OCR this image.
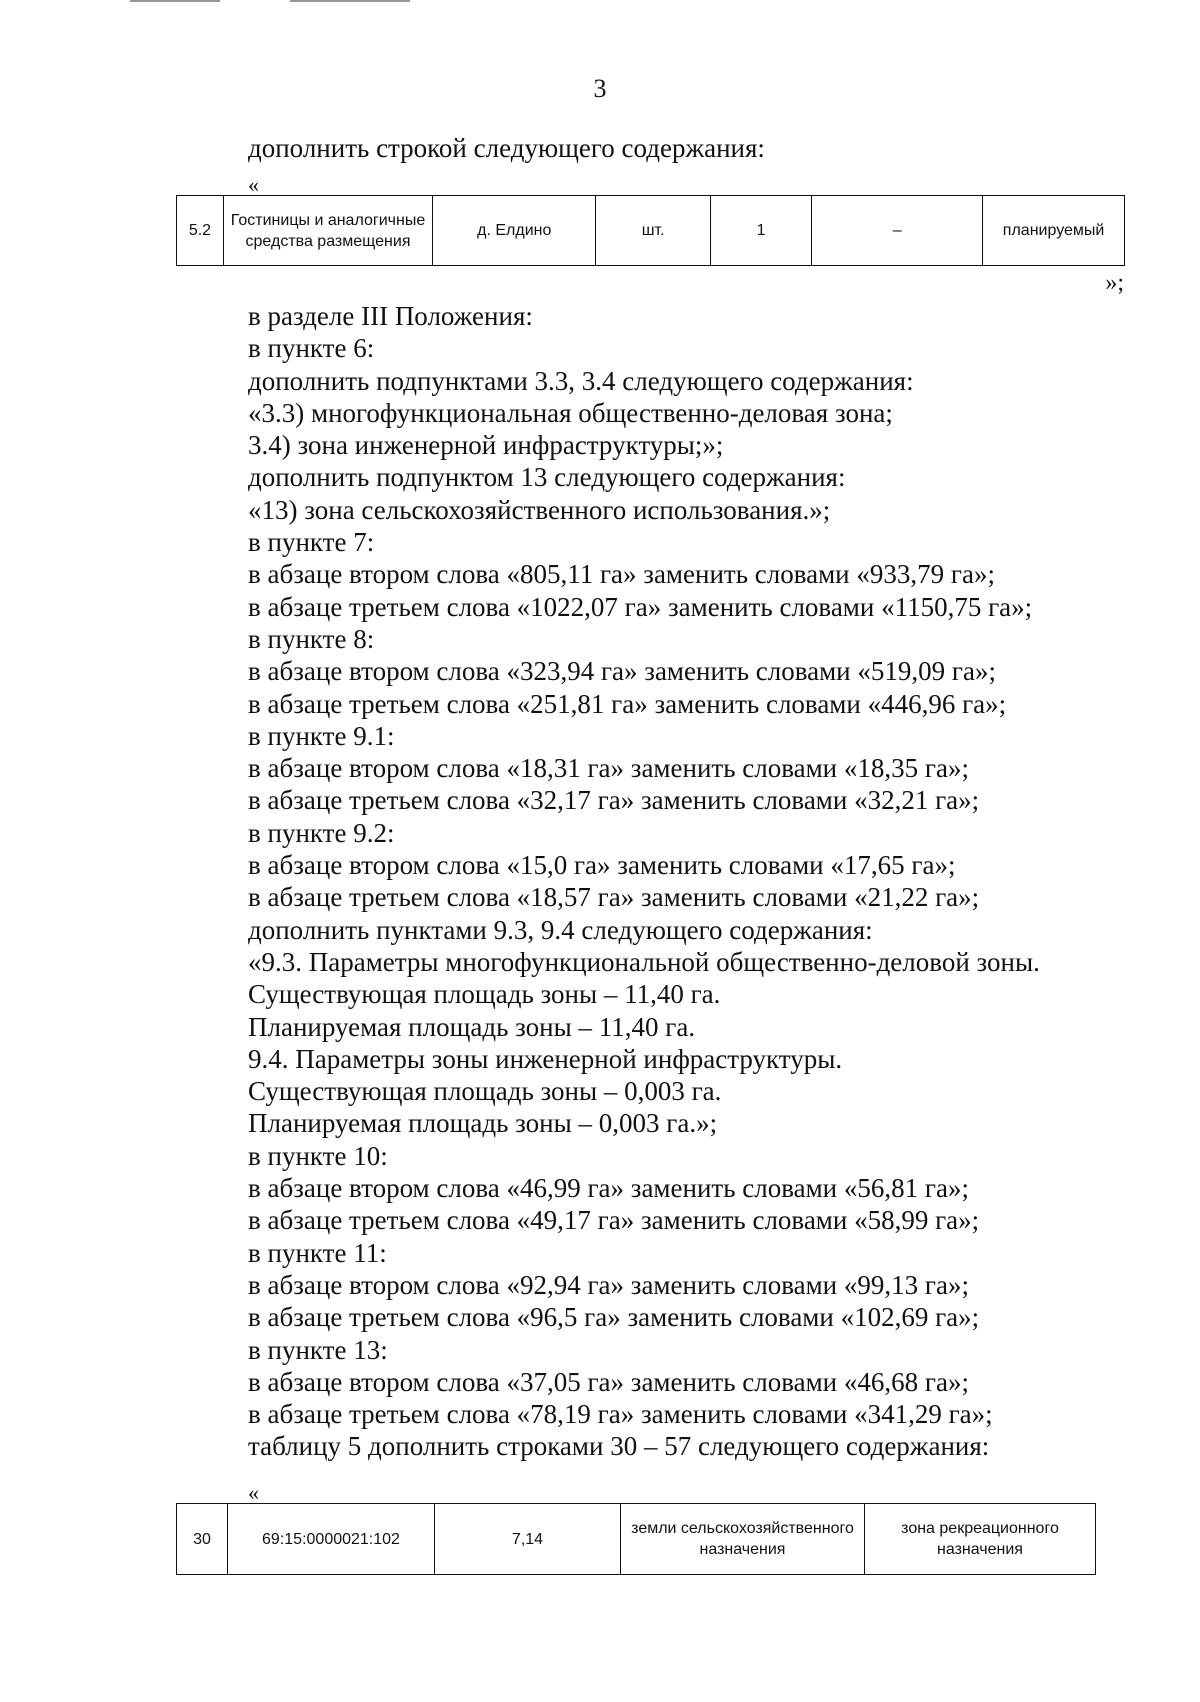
3
дополнить строкой следующего содержания:
«
5.2	Гостиницы и аналогичные средства размещения	д. Елдино	шт.	1	–	планируемый
»;
в разделе III Положения:
в пункте 6:
дополнить подпунктами 3.3, 3.4 следующего содержания:
«3.3) многофункциональная общественно-деловая зона;
3.4) зона инженерной инфраструктуры;»;
дополнить подпунктом 13 следующего содержания:
«13) зона сельскохозяйственного использования.»;
в пункте 7:
в абзаце втором слова «805,11 га» заменить словами «933,79 га»;
в абзаце третьем слова «1022,07 га» заменить словами «1150,75 га»;
в пункте 8:
в абзаце втором слова «323,94 га» заменить словами «519,09 га»;
в абзаце третьем слова «251,81 га» заменить словами «446,96 га»;
в пункте 9.1:
в абзаце втором слова «18,31 га» заменить словами «18,35 га»;
в абзаце третьем слова «32,17 га» заменить словами «32,21 га»;
в пункте 9.2:
в абзаце втором слова «15,0 га» заменить словами «17,65 га»;
в абзаце третьем слова «18,57 га» заменить словами «21,22 га»;
дополнить пунктами 9.3, 9.4 следующего содержания:
«9.3. Параметры многофункциональной общественно-деловой зоны.
Существующая площадь зоны – 11,40 га.
Планируемая площадь зоны – 11,40 га.
9.4. Параметры зоны инженерной инфраструктуры.
Существующая площадь зоны – 0,003 га.
Планируемая площадь зоны – 0,003 га.»;
в пункте 10:
в абзаце втором слова «46,99 га» заменить словами «56,81 га»;
в абзаце третьем слова «49,17 га» заменить словами «58,99 га»;
в пункте 11:
в абзаце втором слова «92,94 га» заменить словами «99,13 га»;
в абзаце третьем слова «96,5 га» заменить словами «102,69 га»;
в пункте 13:
в абзаце втором слова «37,05 га» заменить словами «46,68 га»;
в абзаце третьем слова «78,19 га» заменить словами «341,29 га»;
таблицу 5 дополнить строками 30 – 57 следующего содержания:
«
30	69:15:0000021:102	7,14	земли сельскохозяйственного назначения	зона рекреационного назначения
